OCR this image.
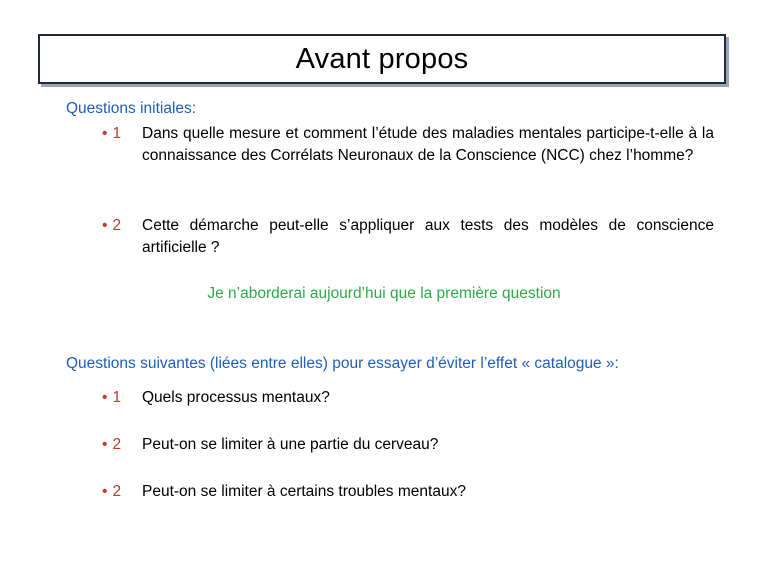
Avant propos
Questions initiales:
• 1	Dans quelle mesure et comment l’étude des maladies mentales participe-t-elle à la connaissance des Corrélats Neuronaux de la Conscience (NCC) chez l’homme?
• 2	Cette démarche peut-elle s’appliquer aux tests des modèles de conscience artificielle ?
Je n’aborderai aujourd’hui que la première question
Questions suivantes (liées entre elles) pour essayer d’éviter l’effet « catalogue »:
• 1	Quels processus mentaux?
• 2	Peut-on se limiter à une partie du cerveau?
• 2	Peut-on se limiter à certains troubles mentaux?
